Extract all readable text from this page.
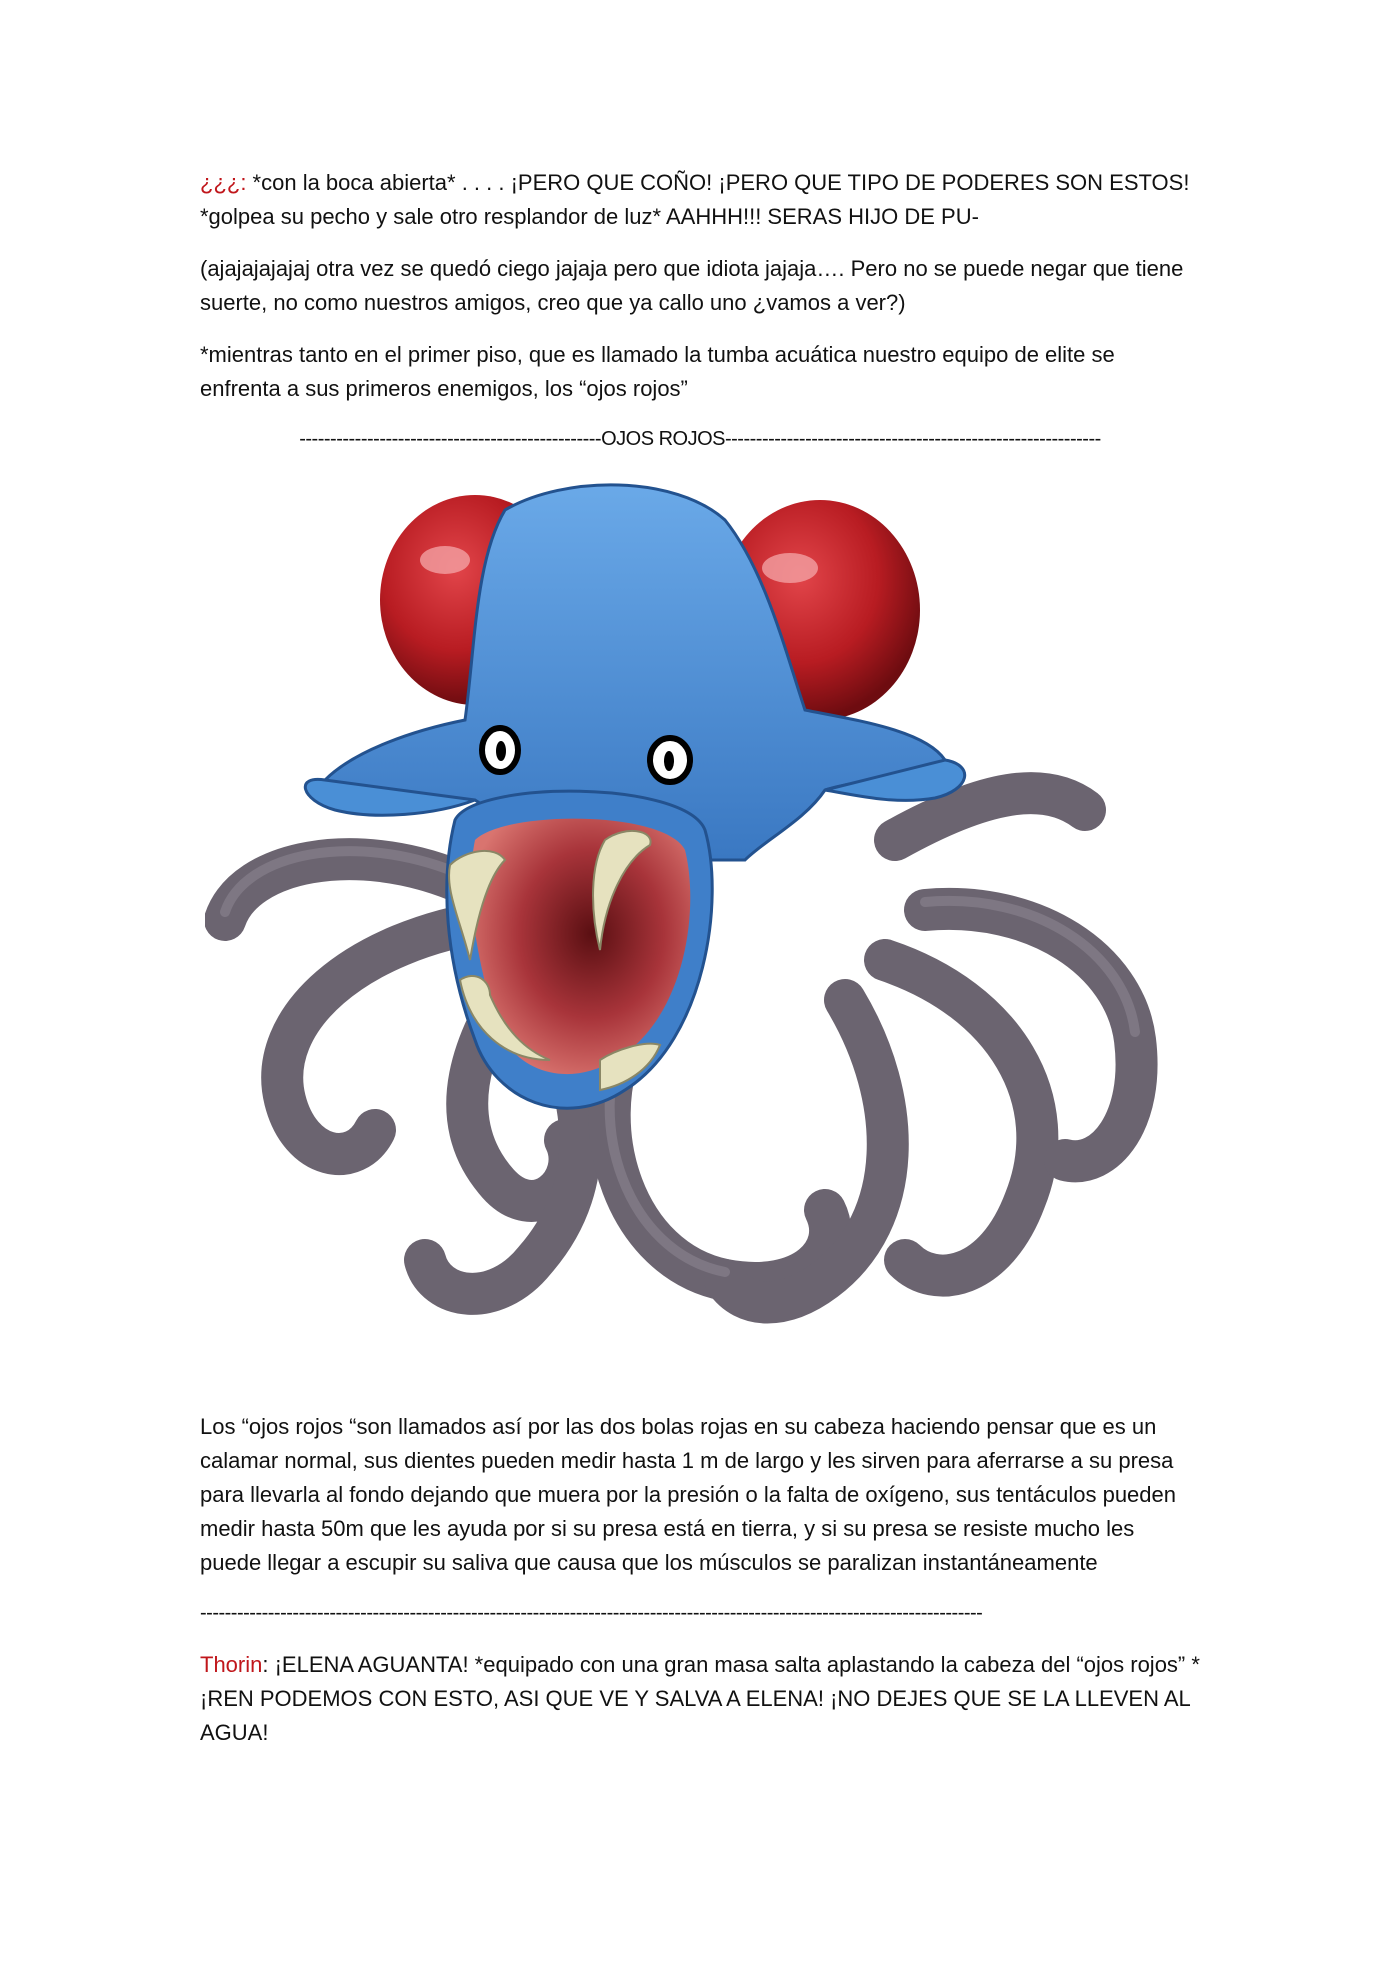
¿¿¿: *con la boca abierta* . . . . ¡PERO QUE COÑO! ¡PERO QUE TIPO DE PODERES SON ESTOS! *golpea su pecho y sale otro resplandor de luz* AAHHH!!! SERAS HIJO DE PU-

(ajajajajajaj otra vez se quedó ciego jajaja pero que idiota jajaja…. Pero no se puede negar que tiene suerte, no como nuestros amigos, creo que ya callo uno ¿vamos a ver?)

*mientras tanto en el primer piso, que es llamado la tumba acuática nuestro equipo de elite se enfrenta a sus primeros enemigos, los “ojos rojos”

-------------------------------------------------OJOS ROJOS-------------------------------------------------------------

Los “ojos rojos “son llamados así por las dos bolas rojas en su cabeza haciendo pensar que es un calamar normal, sus dientes pueden medir hasta 1 m de largo y les sirven para aferrarse a su presa para llevarla al fondo dejando que muera por la presión o la falta de oxígeno, sus tentáculos pueden medir hasta 50m que les ayuda por si su presa está en tierra, y si su presa se resiste mucho les puede llegar a escupir su saliva que causa que los músculos se paralizan instantáneamente

-------------------------------------------------------------------------------------------------------------------------------

Thorin: ¡ELENA AGUANTA! *equipado con una gran masa salta aplastando la cabeza del “ojos rojos” * ¡REN PODEMOS CON ESTO, ASI QUE VE Y SALVA A ELENA! ¡NO DEJES QUE SE LA LLEVEN AL AGUA!
